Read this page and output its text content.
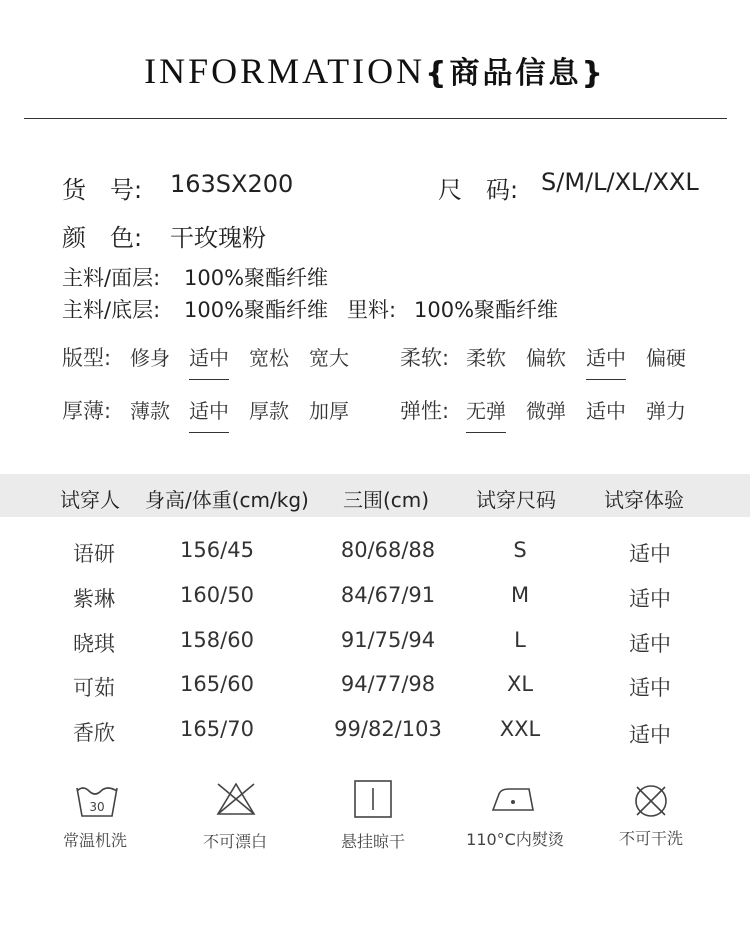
INFORMATION{商品信息}
货　号: 163SX200	尺　码: S/M/L/XL/XXL
颜　色: 干玫瑰粉
主料/面层: 100%聚酯纤维
主料/底层: 100%聚酯纤维 里料: 100%聚酯纤维
版型: 修身 适中 宽松 宽大 柔软: 柔软 偏软 适中 偏硬
厚薄: 薄款 适中 厚款 加厚 弹性: 无弹 微弹 适中 弹力
试穿人 身高/体重(cm/kg) 三围(cm) 试穿尺码 试穿体验
语研	156/45	80/68/88	S	适中
紫琳	160/50	84/67/91	M	适中
晓琪	158/60	91/75/94	L	适中
可茹	165/60	94/77/98	XL	适中
香欣	165/70	99/82/103	XXL	适中
30
常温机洗	不可漂白	悬挂晾干	110°C内熨烫	不可干洗
